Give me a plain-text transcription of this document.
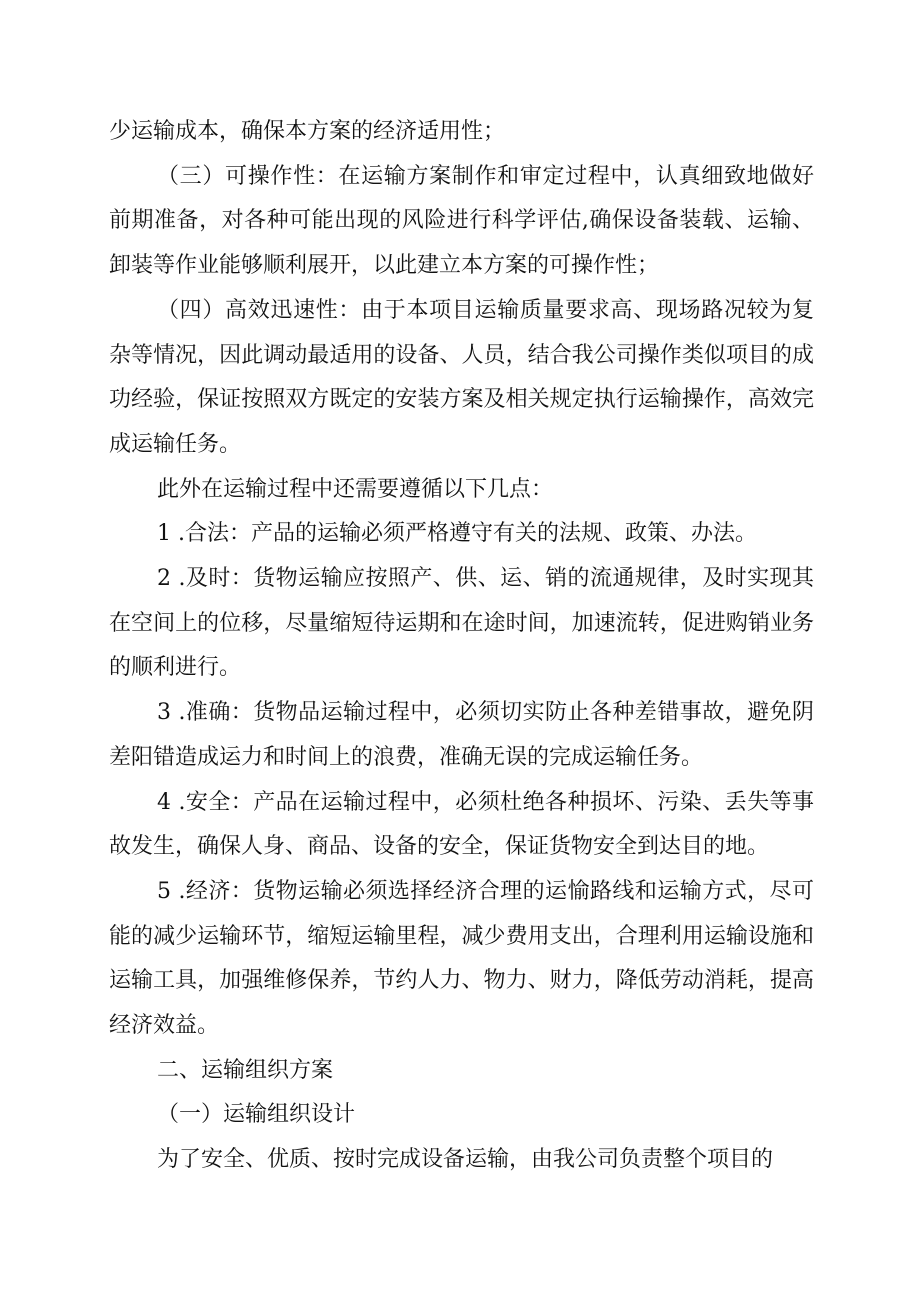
少运输成本，确保本方案的经济适用性；

（三）可操作性：在运输方案制作和审定过程中，认真细致地做好前期准备，对各种可能出现的风险进行科学评估,确保设备装载、运输、卸装等作业能够顺利展开，以此建立本方案的可操作性；

（四）高效迅速性：由于本项目运输质量要求高、现场路况较为复杂等情况，因此调动最适用的设备、人员，结合我公司操作类似项目的成功经验，保证按照双方既定的安装方案及相关规定执行运输操作，高效完成运输任务。

此外在运输过程中还需要遵循以下几点：

1 .合法：产品的运输必须严格遵守有关的法规、政策、办法。

2 .及时：货物运输应按照产、供、运、销的流通规律，及时实现其在空间上的位移，尽量缩短待运期和在途时间，加速流转，促进购销业务的顺利进行。

3 .准确：货物品运输过程中，必须切实防止各种差错事故，避免阴差阳错造成运力和时间上的浪费，准确无误的完成运输任务。

4 .安全：产品在运输过程中，必须杜绝各种损坏、污染、丢失等事故发生，确保人身、商品、设备的安全，保证货物安全到达目的地。

5 .经济：货物运输必须选择经济合理的运愉路线和运输方式，尽可能的减少运输环节，缩短运输里程，减少费用支出，合理利用运输设施和运输工具，加强维修保养，节约人力、物力、财力，降低劳动消耗，提高经济效益。

二、运输组织方案

（一）运输组织设计

为了安全、优质、按时完成设备运输，由我公司负责整个项目的
